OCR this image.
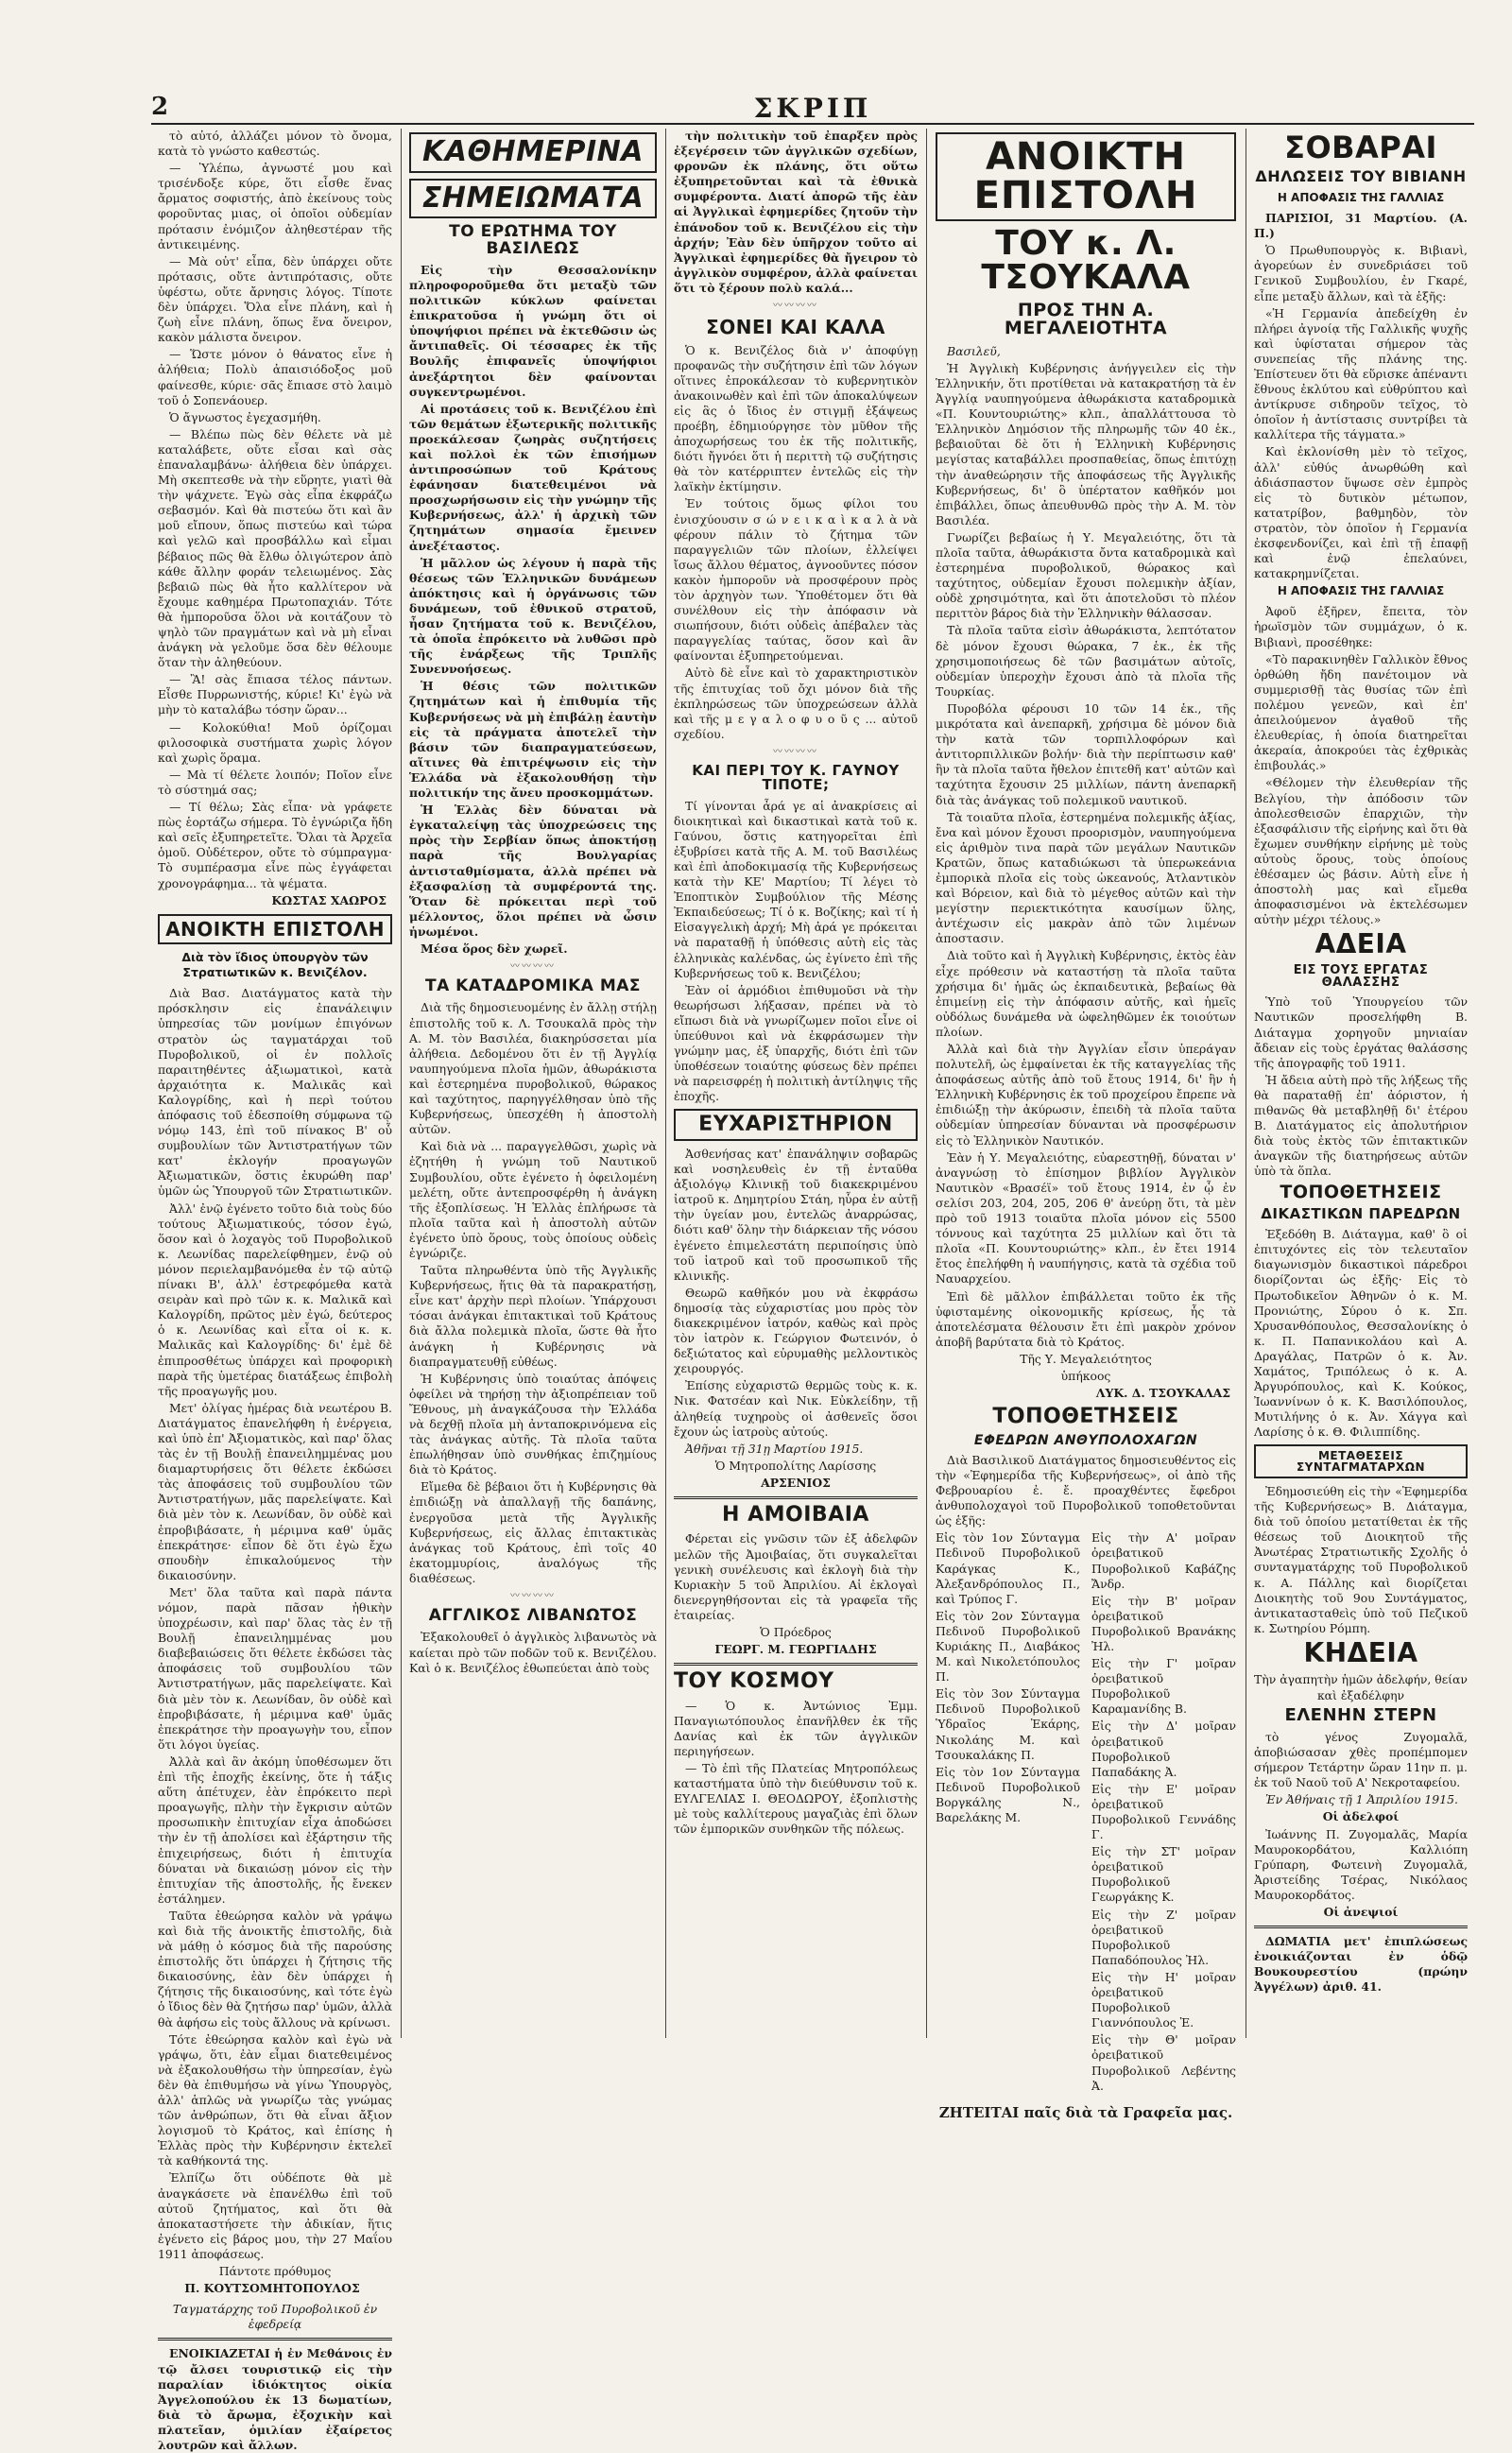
2	ΣΚΡΙΠ

τὸ αὐτό, ἀλλάζει μόνον τὸ ὄνομα, κατὰ τὸ γνώστο καθεστώς.

— Ὑλέπω, ἀγνωστέ μου καὶ τρισένδοξε κύρε, ὅτι εἶσθε ἕνας ἄρματος σοφιστής, ἀπὸ ἐκείνους τοὺς φοροῦντας μιας, οἱ ὁποῖοι οὐδεμίαν πρότασιν ἐνόμιζον ἀληθεστέραν τῆς ἀντικειμένης.

— Μὰ οὐτ' εἶπα, δὲν ὑπάρχει οὔτε πρότασις, οὔτε ἀντιπρότασις, οὔτε ὑφέστω, οὔτε ἄρνησις λόγος. Τίποτε δὲν ὑπάρχει. Ὅλα εἶνε πλάνη, καὶ ἡ ζωὴ εἶνε πλάνη, ὅπως ἕνα ὄνειρον, κακὸν μάλιστα ὄνειρον.

— Ὥστε μόνον ὁ θάνατος εἶνε ἡ ἀλήθεια; Πολὺ ἀπαισιόδοξος μοῦ φαίνεσθε, κύριε· σᾶς ἔπιασε στὸ λαιμὸ τοῦ ὁ Σοπενάουερ.

Ὁ ἄγνωστος ἐγεχασμήθη.

— Βλέπω πὼς δὲν θέλετε νὰ μὲ καταλάβετε, οὔτε εἶσαι καὶ σὰς ἐπαναλαμβάνω· ἀλήθεια δὲν ὑπάρχει. Μὴ σκεπτεσθε νὰ τὴν εὕρητε, γιατὶ θὰ τὴν ψάχνετε. Ἐγὼ σὰς εἶπα ἐκφράζω σεβασμόν. Καὶ θὰ πιστεύω ὅτι καὶ ἂν μοῦ εἴπουν, ὅπως πιστεύω καὶ τώρα καὶ γελῶ καὶ προσβάλλω καὶ εἶμαι βέβαιος πῶς θὰ ἔλθω ὀλιγώτερον ἀπὸ κάθε ἄλλην φοράν τελειωμένος. Σὰς βεβαιῶ πὼς θὰ ἦτο καλλίτερον νὰ ἔχουμε καθημέρα Πρωτοπαχιάν. Τότε θὰ ἠμποροῦσα ὅλοι νὰ κοιτάζουν τὸ ψηλὸ τῶν πραγμάτων καὶ νὰ μὴ εἶναι ἀνάγκη νὰ γελοῦμε ὅσα δὲν θέλουμε ὅταν τὴν ἀληθεύουν.

— Ἂ! σὰς ἔπιασα τέλος πάντων. Εἶσθε Πυρρωνιστής, κύριε! Κι' ἐγὼ νὰ μὴν τὸ καταλάβω τόσην ὥραν...

— Κολοκύθια! Μοῦ ὁρίζομαι φιλοσοφικὰ συστήματα χωρὶς λόγον καὶ χωρὶς ὅραμα.

— Μὰ τί θέλετε λοιπόν; Ποῖον εἶνε τὸ σύστημά σας;

— Τί θέλω; Σὰς εἶπα· νὰ γράφετε πὼς ἑορτάζω σήμερα. Τὸ ἐγνώριζα ἤδη καὶ σεῖς ἐξυπηρετεῖτε. Ὅλαι τὰ Ἀρχεῖα ὁμοῦ. Οὐδέτερον, οὔτε τὸ σύμπραγμα· Τὸ συμπέρασμα εἶνε πὼς ἐγγάφεται χρονογράφημα... τὰ ψέματα.

ΚΩΣΤΑΣ ΧΑΩΡΟΣ
ΑΝΟΙΚΤΗ ΕΠΙΣΤΟΛΗ
Διὰ τὸν ἴδιος ὑπουργὸν τῶν Στρατιωτικῶν κ. Βενιζέλον.

Διὰ Βασ. Διατάγματος κατὰ τὴν πρόσκλησιν εἰς ἐπανάλειψιν ὑπηρεσίας τῶν μονίμων ἐπιγόνων στρατὸν ὡς ταγματάρχαι τοῦ Πυροβολικοῦ, οἱ ἐν πολλοῖς παραιτηθέντες ἀξιωματικοὶ, κατὰ ἀρχαιότητα κ. Μαλικᾶς καὶ Καλογρίδης, καὶ ἡ περὶ τούτου ἀπόφασις τοῦ ἐδεσποίθη σύμφωνα τῷ νόμῳ 143, ἐπὶ τοῦ πίνακος Β' οὗ συμβουλίων τῶν Ἀντιστρατήγων τῶν κατ' ἐκλογήν προαγωγῶν Ἀξιωματικῶν, ὅστις ἐκυρώθη παρ' ὑμῶν ὡς Ὑπουργοῦ τῶν Στρατιωτικῶν.

Ἀλλ' ἐνῷ ἐγένετο τοῦτο διὰ τοὺς δύο τούτους Ἀξιωματικούς, τόσον ἐγώ, ὅσον καὶ ὁ λοχαγὸς τοῦ Πυροβολικοῦ κ. Λεωνίδας παρελείφθημεν, ἐνῷ οὐ μόνον περιελαμβανόμεθα ἐν τῷ αὐτῷ πίνακι Β', ἀλλ' ἐστρεφόμεθα κατὰ σειρὰν καὶ πρὸ τῶν κ. κ. Μαλικᾶ καὶ Καλογρίδη, πρῶτος μὲν ἐγώ, δεύτερος ὁ κ. Λεωνίδας καὶ εἶτα οἱ κ. κ. Μαλικᾶς καὶ Καλογρίδης· δι' ἐμὲ δὲ ἐπιπροσθέτως ὑπάρχει καὶ προφορικὴ παρὰ τῆς ὑμετέρας διατάξεως ἐπιβολὴ τῆς προαγωγῆς μου.

Μετ' ὀλίγας ἡμέρας διὰ νεωτέρου Β. Διατάγματος ἐπανελήφθη ἡ ἐνέργεια, καὶ ὑπὸ ἐπ' Ἀξιοματικὸς, καὶ παρ' ὅλας τὰς ἐν τῇ Βουλῇ ἐπανειλημμένας μου διαμαρτυρήσεις ὅτι θέλετε ἐκδώσει τὰς ἀποφάσεις τοῦ συμβουλίου τῶν Ἀντιστρατήγων, μᾶς παρελείψατε. Καὶ διὰ μὲν τὸν κ. Λεωνίδαν, ὃν οὐδὲ καὶ ἐπροβιβάσατε, ἡ μέριμνα καθ' ὑμᾶς ἐπεκράτησε· εἶπον δὲ ὅτι ἐγὼ ἔχω σπουδὴν ἐπικαλούμενος τὴν δικαιοσύνην.

Μετ' ὅλα ταῦτα καὶ παρὰ πάντα νόμον, παρὰ πᾶσαν ἠθικὴν ὑποχρέωσιν, καὶ παρ' ὅλας τὰς ἐν τῇ Βουλῇ ἐπανειλημμένας μου διαβεβαιώσεις ὅτι θέλετε ἐκδώσει τὰς ἀποφάσεις τοῦ συμβουλίου τῶν Ἀντιστρατήγων, μᾶς παρελείψατε. Καὶ διὰ μὲν τὸν κ. Λεωνίδαν, ὃν οὐδὲ καὶ ἐπροβιβάσατε, ἡ μέριμνα καθ' ὑμᾶς ἐπεκράτησε τὴν προαγωγὴν του, εἶπον ὅτι λόγοι ὑγείας.

Ἀλλὰ καὶ ἂν ἀκόμη ὑποθέσωμεν ὅτι ἐπὶ τῆς ἐποχῆς ἐκείνης, ὅτε ἡ τάξις αὕτη ἀπέτυχεν, ἐὰν ἐπρόκειτο περὶ προαγωγῆς, πλὴν τὴν ἔγκρισιν αὐτῶν προσωπικὴν ἐπιτυχίαν εἶχα ἀποδώσει τὴν ἐν τῇ ἀπολίσει καὶ ἐξάρτησιν τῆς ἐπιχειρήσεως, διότι ἡ ἐπιτυχία δύναται νὰ δικαιώσῃ μόνον εἰς τὴν ἐπιτυχίαν τῆς ἀποστολῆς, ἧς ἔνεκεν ἐστάλημεν.

Ταῦτα ἐθεώρησα καλὸν νὰ γράψω καὶ διὰ τῆς ἀνοικτῆς ἐπιστολῆς, διὰ νὰ μάθῃ ὁ κόσμος διὰ τῆς παρούσης ἐπιστολῆς ὅτι ὑπάρχει ἡ ζήτησις τῆς δικαιοσύνης, ἐὰν δὲν ὑπάρχει ἡ ζήτησις τῆς δικαιοσύνης, καὶ τότε ἐγὼ ὁ ἴδιος δὲν θὰ ζητήσω παρ' ὑμῶν, ἀλλὰ θὰ ἀφήσω εἰς τοὺς ἄλλους νὰ κρίνωσι.

Τότε ἐθεώρησα καλὸν καὶ ἐγὼ νὰ γράψω, ὅτι, ἐὰν εἶμαι διατεθειμένος νὰ ἐξακολουθήσω τὴν ὑπηρεσίαν, ἐγὼ δὲν θὰ ἐπιθυμήσω νὰ γίνω Ὑπουργὸς, ἀλλ' ἁπλῶς νὰ γνωρίζω τὰς γνώμας τῶν ἀνθρώπων, ὅτι θὰ εἶναι ἄξιον λογισμοῦ τὸ Κράτος, καὶ ἐπίσης ἡ Ἑλλὰς πρὸς τὴν Κυβέρνησιν ἐκτελεῖ τὰ καθήκοντά της.

Ἐλπίζω ὅτι οὐδέποτε θὰ μὲ ἀναγκάσετε νὰ ἐπανέλθω ἐπὶ τοῦ αὐτοῦ ζητήματος, καὶ ὅτι θὰ ἀποκαταστήσετε τὴν ἀδικίαν, ἥτις ἐγένετο εἰς βάρος μου, τὴν 27 Μαΐου 1911 ἀποφάσεως.

Πάντοτε πρόθυμος

Π. ΚΟΥΤΣΟΜΗΤΟΠΟΥΛΟΣ

Ταγματάρχης τοῦ Πυροβολικοῦ ἐν ἐφεδρείᾳ

ΕΝΟΙΚΙΑΖΕΤΑΙ ἡ ἐν Μεθάνοις ἐν τῷ ἄλσει τουριστικῷ εἰς τὴν παραλίαν ἰδιόκτητος οἰκία Ἀγγελοπούλου ἐκ 13 δωματίων, διὰ τὸ ἄρωμα, ἐξοχικὴν καὶ πλατεῖαν, ὁμιλίαν ἐξαίρετος λουτρῶν καὶ ἄλλων.

ΚΑΘΗΜΕΡΙΝΑ
ΣΗΜΕΙΩΜΑΤΑ
ΤΟ ΕΡΩΤΗΜΑ ΤΟΥ ΒΑΣΙΛΕΩΣ

Εἰς τὴν Θεσσαλονίκην πληροφοροῦμεθα ὅτι μεταξὺ τῶν πολιτικῶν κύκλων φαίνεται ἐπικρατοῦσα ἡ γνώμη ὅτι οἱ ὑποψήφιοι πρέπει νὰ ἐκτεθῶσιν ὡς ἄντιπαθεῖς. Οἱ τέσσαρες ἐκ τῆς Βουλῆς ἐπιφανεῖς ὑποψήφιοι ἀνεξάρτητοι δὲν φαίνονται συγκεντρωμένοι.

Αἱ προτάσεις τοῦ κ. Βενιζέλου ἐπὶ τῶν θεμάτων ἐξωτερικῆς πολιτικῆς προεκάλεσαν ζωηρὰς συζητήσεις καὶ πολλοὶ ἐκ τῶν ἐπισήμων ἀντιπροσώπων τοῦ Κράτους ἐφάνησαν διατεθειμένοι νὰ προσχωρήσωσιν εἰς τὴν γνώμην τῆς Κυβερνήσεως, ἀλλ' ἡ ἀρχικὴ τῶν ζητημάτων σημασία ἔμεινεν ἀνεξέταστος.

Ἡ μᾶλλον ὡς λέγουν ἡ παρὰ τῆς θέσεως τῶν Ἑλληνικῶν δυνάμεων ἀπόκτησις καὶ ἡ ὀργάνωσις τῶν δυνάμεων, τοῦ ἐθνικοῦ στρατοῦ, ἦσαν ζητήματα τοῦ κ. Βενιζέλου, τὰ ὁποῖα ἐπρόκειτο νὰ λυθῶσι πρὸ τῆς ἐνάρξεως τῆς Τριπλῆς Συνεννοήσεως.

Ἡ θέσις τῶν πολιτικῶν ζητημάτων καὶ ἡ ἐπιθυμία τῆς Κυβερνήσεως νὰ μὴ ἐπιβάλῃ ἑαυτὴν εἰς τὰ πράγματα ἀποτελεῖ τὴν βάσιν τῶν διαπραγματεύσεων, αἵτινες θὰ ἐπιτρέψωσιν εἰς τὴν Ἑλλάδα νὰ ἐξακολουθήσῃ τὴν πολιτικήν της ἄνευ προσκομμάτων.

Ἡ Ἑλλὰς δὲν δύναται νὰ ἐγκαταλείψῃ τὰς ὑποχρεώσεις της πρὸς τὴν Σερβίαν ὅπως ἀποκτήσῃ παρὰ τῆς Βουλγαρίας ἀντισταθμίσματα, ἀλλὰ πρέπει νὰ ἐξασφαλίσῃ τὰ συμφέροντά της. Ὅταν δὲ πρόκειται περὶ τοῦ μέλλοντος, ὅλοι πρέπει νὰ ὦσιν ἡνωμένοι.

Μέσα ὅρος δὲν χωρεῖ.

〰〰〰〰
ΤΑ ΚΑΤΑΔΡΟΜΙΚΑ ΜΑΣ

Διὰ τῆς δημοσιευομένης ἐν ἄλλῃ στήλῃ ἐπιστολῆς τοῦ κ. Λ. Τσουκαλᾶ πρὸς τὴν Α. Μ. τὸν Βασιλέα, διακηρύσσεται μία ἀλήθεια. Δεδομένου ὅτι ἐν τῇ Ἀγγλίᾳ ναυπηγούμενα πλοῖα ἡμῶν, ἀθωράκιστα καὶ ἐστερημένα πυροβολικοῦ, θώρακος καὶ ταχύτητος, παρηγγέλθησαν ὑπὸ τῆς Κυβερνήσεως, ὑπεσχέθη ἡ ἀποστολὴ αὐτῶν.

Καὶ διὰ νὰ ... παραγγελθῶσι, χωρὶς νὰ ἐζητήθη ἡ γνώμη τοῦ Ναυτικοῦ Συμβουλίου, οὔτε ἐγένετο ἡ ὀφειλομένη μελέτη, οὔτε ἀντεπροσφέρθη ἡ ἀνάγκη τῆς ἐξοπλίσεως. Ἡ Ἑλλὰς ἐπλήρωσε τὰ πλοῖα ταῦτα καὶ ἡ ἀποστολὴ αὐτῶν ἐγένετο ὑπὸ ὅρους, τοὺς ὁποίους οὐδεὶς ἐγνώριζε.

Ταῦτα πληρωθέντα ὑπὸ τῆς Ἀγγλικῆς Κυβερνήσεως, ἥτις θὰ τὰ παρακρατήσῃ, εἶνε κατ' ἀρχὴν περὶ πλοίων. Ὑπάρχουσι τόσαι ἀνάγκαι ἐπιτακτικαὶ τοῦ Κράτους διὰ ἄλλα πολεμικὰ πλοῖα, ὥστε θὰ ἦτο ἀνάγκη ἡ Κυβέρνησις νὰ διαπραγματευθῇ εὐθέως.

Ἡ Κυβέρνησις ὑπὸ τοιαύτας ἀπόψεις ὀφείλει νὰ τηρήσῃ τὴν ἀξιοπρέπειαν τοῦ Ἔθνους, μὴ ἀναγκάζουσα τὴν Ἑλλάδα νὰ δεχθῇ πλοῖα μὴ ἀνταποκρινόμενα εἰς τὰς ἀνάγκας αὐτῆς. Τὰ πλοῖα ταῦτα ἐπωλήθησαν ὑπὸ συνθήκας ἐπιζημίους διὰ τὸ Κράτος.

Εἴμεθα δὲ βέβαιοι ὅτι ἡ Κυβέρνησις θὰ ἐπιδιώξῃ νὰ ἀπαλλαγῇ τῆς δαπάνης, ἐνεργοῦσα μετὰ τῆς Ἀγγλικῆς Κυβερνήσεως, εἰς ἄλλας ἐπιτακτικὰς ἀνάγκας τοῦ Κράτους, ἐπὶ τοῖς 40 ἑκατομμυρίοις, ἀναλόγως τῆς διαθέσεως.

〰〰〰〰
ΑΓΓΛΙΚΟΣ ΛΙΒΑΝΩΤΟΣ

Ἐξακολουθεῖ ὁ ἀγγλικὸς λιβανωτὸς νὰ καίεται πρὸ τῶν ποδῶν τοῦ κ. Βενιζέλου. Καὶ ὁ κ. Βενιζέλος ἐθωπεύεται ἀπὸ τοὺς

τὴν πολιτικὴν τοῦ ἐπαρξεν πρὸς ἐξεγέρσειν τῶν ἀγγλικῶν σχεδίων, φρονῶν ἐκ πλάνης, ὅτι οὕτω ἐξυπηρετοῦνται καὶ τὰ ἐθνικὰ συμφέροντα. Διατί ἀπορῶ τῆς ἐὰν αἱ Ἀγγλικαὶ ἐφημερίδες ζητοῦν τὴν ἐπάνοδον τοῦ κ. Βενιζέλου εἰς τὴν ἀρχήν; Ἐὰν δὲν ὑπῆρχον τοῦτο αἱ Ἀγγλικαὶ ἐφημερίδες θὰ ἤγειρον τὸ ἀγγλικὸν συμφέρον, ἀλλὰ φαίνεται ὅτι τὸ ξέρουν πολὺ καλά...

〰〰〰〰
ΣΟΝΕΙ ΚΑΙ ΚΑΛΑ

Ὁ κ. Βενιζέλος διὰ ν' ἀποφύγῃ προφανῶς τὴν συζήτησιν ἐπὶ τῶν λόγων οἵτινες ἐπροκάλεσαν τὸ κυβερνητικὸν ἀνακοινωθὲν καὶ ἐπὶ τῶν ἀποκαλύψεων εἰς ἃς ὁ ἴδιος ἐν στιγμῇ ἐξάψεως προέβη, ἐδημιούργησε τὸν μῦθον τῆς ἀποχωρήσεως του ἐκ τῆς πολιτικῆς, διότι ἤγνόει ὅτι ἡ περιττὴ τῷ συζήτησις θὰ τὸν κατέρριπτεν ἐντελῶς εἰς τὴν λαϊκὴν ἐκτίμησιν.

Ἐν τούτοις ὅμως φίλοι του ἐνισχύουσιν σ ώ ν ε ι κ α ὶ κ α λ ὰ νὰ φέρουν πάλιν τὸ ζήτημα τῶν παραγγελιῶν τῶν πλοίων, ἐλλείψει ἴσως ἄλλου θέματος, ἀγνοοῦντες πόσον κακὸν ἠμποροῦν νὰ προσφέρουν πρὸς τὸν ἀρχηγὸν των. Ὑποθέτομεν ὅτι θὰ συνέλθουν εἰς τὴν ἀπόφασιν νὰ σιωπήσουν, διότι οὐδεὶς ἀπέβαλεν τὰς παραγγελίας ταύτας, ὅσον καὶ ἂν φαίνονται ἐξυπηρετούμεναι.

Αὐτὸ δὲ εἶνε καὶ τὸ χαρακτηριστικὸν τῆς ἐπιτυχίας τοῦ ὄχι μόνον διὰ τῆς ἐκπληρώσεως τῶν ὑποχρεώσεων ἀλλὰ καὶ τῆς μ ε γ α λ ο φ υ ο ῦ ς ... αὐτοῦ σχεδίου.

〰〰〰〰
ΚΑΙ ΠΕΡΙ ΤΟΥ Κ. ΓΑΥΝΟΥ ΤΙΠΟΤΕ;

Τί γίνονται ἆρά γε αἱ ἀνακρίσεις αἱ διοικητικαὶ καὶ δικαστικαὶ κατὰ τοῦ κ. Γαύνου, ὅστις κατηγορεῖται ἐπὶ ἐξυβρίσει κατὰ τῆς Α. Μ. τοῦ Βασιλέως καὶ ἐπὶ ἀποδοκιμασίᾳ τῆς Κυβερνήσεως κατὰ τὴν ΚΕ' Μαρτίου; Τί λέγει τὸ Ἐποπτικὸν Συμβούλιον τῆς Μέσης Ἐκπαιδεύσεως; Τί ὁ κ. Βοζίκης; καὶ τί ἡ Εἰσαγγελικὴ ἀρχή; Μὴ ἀρά γε πρόκειται νὰ παραταθῇ ἡ ὑπόθεσις αὐτὴ εἰς τὰς ἑλληνικὰς καλένδας, ὡς ἐγίνετο ἐπὶ τῆς Κυβερνήσεως τοῦ κ. Βενιζέλου;

Ἐὰν οἱ ἁρμόδιοι ἐπιθυμοῦσι νὰ τὴν θεωρήσωσι λήξασαν, πρέπει νὰ τὸ εἴπωσι διὰ νὰ γνωρίζωμεν ποῖοι εἶνε οἱ ὑπεύθυνοι καὶ νὰ ἐκφράσωμεν τὴν γνώμην μας, ἐξ ὑπαρχῆς, διότι ἐπὶ τῶν ὑποθέσεων τοιαύτης φύσεως δὲν πρέπει νὰ παρεισφρέῃ ἡ πολιτικὴ ἀντίληψις τῆς ἐποχῆς.

ΕΥΧΑΡΙΣΤΗΡΙΟΝ

Ἀσθενήσας κατ' ἐπανάληψιν σοβαρῶς καὶ νοσηλευθεὶς ἐν τῇ ἐνταῦθα ἀξιολόγῳ Κλινικῇ τοῦ διακεκριμένου ἰατροῦ κ. Δημητρίου Στάη, ηὗρα ἐν αὐτῇ τὴν ὑγείαν μου, ἐντελῶς ἀναρρώσας, διότι καθ' ὅλην τὴν διάρκειαν τῆς νόσου ἐγένετο ἐπιμελεστάτη περιποίησις ὑπὸ τοῦ ἰατροῦ καὶ τοῦ προσωπικοῦ τῆς κλινικῆς.

Θεωρῶ καθῆκόν μου νὰ ἐκφράσω δημοσίᾳ τὰς εὐχαριστίας μου πρὸς τὸν διακεκριμένον ἰατρόν, καθὼς καὶ πρὸς τὸν ἰατρὸν κ. Γεώργιον Φωτεινόν, ὁ δεξιώτατος καὶ εὐρυμαθὴς μελλοντικὸς χειρουργός.

Ἐπίσης εὐχαριστῶ θερμῶς τοὺς κ. κ. Νικ. Φατσέαν καὶ Νικ. Εὐκλείδην, τῇ ἀληθείᾳ τυχηροὺς οἱ ἀσθενεῖς ὅσοι ἔχουν ὡς ἰατροὺς αὐτούς.

Ἀθῆναι τῇ 31ῃ Μαρτίου 1915.

Ὁ Μητροπολίτης Λαρίσσης

ΑΡΣΕΝΙΟΣ

Η ΑΜΟΙΒΑΙΑ

Φέρεται εἰς γνῶσιν τῶν ἐξ ἀδελφῶν μελῶν τῆς Ἀμοιβαίας, ὅτι συγκαλεῖται γενικὴ συνέλευσις καὶ ἐκλογὴ διὰ τὴν Κυριακὴν 5 τοῦ Ἀπριλίου. Αἱ ἐκλογαὶ διενεργηθήσονται εἰς τὰ γραφεῖα τῆς ἑταιρείας.

Ὁ Πρόεδρος

ΓΕΩΡΓ. Μ. ΓΕΩΡΓΙΑΔΗΣ

ΤΟΥ ΚΟΣΜΟΥ

— Ὁ κ. Ἀντώνιος Ἐμμ. Παναγιωτόπουλος ἐπανῆλθεν ἐκ τῆς Δανίας καὶ ἐκ τῶν ἀγγλικῶν περιηγήσεων.

— Τὸ ἐπὶ τῆς Πλατείας Μητροπόλεως καταστήματα ὑπὸ τὴν διεύθυνσιν τοῦ κ. ΕΥΛΓΕΛΙΑΣ Ι. ΘΕΟΔΩΡΟΥ, ἐξοπλιστὴς μὲ τοὺς καλλίτερους μαγαζιὰς ἐπὶ ὅλων τῶν ἐμπορικῶν συνθηκῶν τῆς πόλεως.

ΑΝΟΙΚΤΗ ΕΠΙΣΤΟΛΗ
ΤΟΥ κ. Λ. ΤΣΟΥΚΑΛΑ
ΠΡΟΣ ΤΗΝ Α. ΜΕΓΑΛΕΙΟΤΗΤΑ

Βασιλεῦ,

Ἡ Ἀγγλικὴ Κυβέρνησις ἀνήγγειλεν εἰς τὴν Ἑλληνικήν, ὅτι προτίθεται νὰ κατακρατήσῃ τὰ ἐν Ἀγγλίᾳ ναυπηγούμενα ἀθωράκιστα καταδρομικὰ «Π. Κουντουριώτης» κλπ., ἀπαλλάττουσα τὸ Ἑλληνικὸν Δημόσιον τῆς πληρωμῆς τῶν 40 ἑκ., βεβαιοῦται δὲ ὅτι ἡ Ἑλληνικὴ Κυβέρνησις μεγίστας καταβάλλει προσπαθείας, ὅπως ἐπιτύχῃ τὴν ἀναθεώρησιν τῆς ἀποφάσεως τῆς Ἀγγλικῆς Κυβερνήσεως, δι' ὃ ὑπέρτατον καθῆκόν μοι ἐπιβάλλει, ὅπως ἀπευθυνθῶ πρὸς τὴν Α. Μ. τὸν Βασιλέα.

Γνωρίζει βεβαίως ἡ Υ. Μεγαλειότης, ὅτι τὰ πλοῖα ταῦτα, ἀθωράκιστα ὄντα καταδρομικὰ καὶ ἐστερημένα πυροβολικοῦ, θώρακος καὶ ταχύτητος, οὐδεμίαν ἔχουσι πολεμικὴν ἀξίαν, οὐδὲ χρησιμότητα, καὶ ὅτι ἀποτελοῦσι τὸ πλέον περιττὸν βάρος διὰ τὴν Ἑλληνικὴν θάλασσαν.

Τὰ πλοῖα ταῦτα εἰσὶν ἀθωράκιστα, λεπτότατον δὲ μόνον ἔχουσι θώρακα, 7 ἑκ., ἐκ τῆς χρησιμοποιήσεως δὲ τῶν βασιμάτων αὐτοῖς, οὐδεμίαν ὑπεροχὴν ἔχουσι ἀπὸ τὰ πλοῖα τῆς Τουρκίας.

Πυροβόλα φέρουσι 10 τῶν 14 ἑκ., τῆς μικρότατα καὶ ἀνεπαρκῆ, χρήσιμα δὲ μόνον διὰ τὴν κατὰ τῶν τορπιλλοφόρων καὶ ἀντιτορπιλλικῶν βολήν· διὰ τὴν περίπτωσιν καθ' ἣν τὰ πλοῖα ταῦτα ἤθελον ἐπιτεθῆ κατ' αὐτῶν καὶ ταχύτητα ἔχουσιν 25 μιλλίων, πάντη ἀνεπαρκῆ διὰ τὰς ἀνάγκας τοῦ πολεμικοῦ ναυτικοῦ.

Τὰ τοιαῦτα πλοῖα, ἐστερημένα πολεμικῆς ἀξίας, ἔνα καὶ μόνον ἔχουσι προορισμὸν, ναυπηγούμενα εἰς ἀριθμὸν τινα παρὰ τῶν μεγάλων Ναυτικῶν Κρατῶν, ὅπως καταδιώκωσι τὰ ὑπερωκεάνια ἐμπορικὰ πλοῖα εἰς τοὺς ὠκεανούς, Ἀτλαντικὸν καὶ Βόρειον, καὶ διὰ τὸ μέγεθος αὐτῶν καὶ τὴν μεγίστην περιεκτικότητα καυσίμων ὕλης, ἀντέχωσιν εἰς μακρὰν ἀπὸ τῶν λιμένων ἀποστασιν.

Διὰ τοῦτο καὶ ἡ Ἀγγλικὴ Κυβέρνησις, ἐκτὸς ἐὰν εἶχε πρόθεσιν νὰ καταστήσῃ τὰ πλοῖα ταῦτα χρήσιμα δι' ἡμᾶς ὡς ἐκπαιδευτικὰ, βεβαίως θὰ ἐπιμείνῃ εἰς τὴν ἀπόφασιν αὐτῆς, καὶ ἡμεῖς οὐδόλως δυνάμεθα νὰ ὠφεληθῶμεν ἐκ τοιούτων πλοίων.

Ἀλλὰ καὶ διὰ τὴν Ἀγγλίαν εἶσιν ὑπεράγαν πολυτελῆ, ὡς ἐμφαίνεται ἐκ τῆς καταγγελίας τῆς ἀποφάσεως αὐτῆς ἀπὸ τοῦ ἔτους 1914, δι' ἣν ἡ Ἑλληνικὴ Κυβέρνησις ἐκ τοῦ προχείρου ἔπρεπε νὰ ἐπιδιώξῃ τὴν ἀκύρωσιν, ἐπειδὴ τὰ πλοῖα ταῦτα οὐδεμίαν ὑπηρεσίαν δύνανται νὰ προσφέρωσιν εἰς τὸ Ἑλληνικὸν Ναυτικόν.

Ἐὰν ἡ Υ. Μεγαλειότης, εὐαρεστηθῇ, δύναται ν' ἀναγνώσῃ τὸ ἐπίσημον βιβλίον Ἀγγλικὸν Ναυτικὸν «Βρασέϊ» τοῦ ἔτους 1914, ἐν ᾧ ἐν σελίσι 203, 204, 205, 206 θ' ἀνεύρῃ ὅτι, τὰ μὲν πρὸ τοῦ 1913 τοιαῦτα πλοῖα μόνον εἰς 5500 τόννους καὶ ταχύτητα 25 μιλλίων καὶ ὅτι τὰ πλοῖα «Π. Κουντουριώτης» κλπ., ἐν ἔτει 1914 ἔτος ἐπελήφθη ἡ ναυπήγησις, κατὰ τὰ σχέδια τοῦ Ναυαρχείου.

Ἐπὶ δὲ μᾶλλον ἐπιβάλλεται τοῦτο ἐκ τῆς ὑφισταμένης οἰκονομικῆς κρίσεως, ἧς τὰ ἀποτελέσματα θέλουσιν ἔτι ἐπὶ μακρὸν χρόνον ἀποβῆ βαρύτατα διὰ τὸ Κράτος.

Τῆς Υ. Μεγαλειότητος

ὑπήκοος

ΛΥΚ. Δ. ΤΣΟΥΚΑΛΑΣ
ΤΟΠΟΘΕΤΗΣΕΙΣ
ΕΦΕΔΡΩΝ ΑΝΘΥΠΟΛΟΧΑΓΩΝ

Διὰ Βασιλικοῦ Διατάγματος δημοσιευθέντος εἰς τὴν «Ἐφημερίδα τῆς Κυβερνήσεως», οἱ ἀπὸ τῆς Φεβρουαρίου ἐ. ἔ. προαχθέντες ἔφεδροι ἀνθυπολοχαγοὶ τοῦ Πυροβολικοῦ τοποθετοῦνται ὡς ἑξῆς:

Εἰς τὸν 1ον Σύνταγμα Πεδινοῦ Πυροβολικοῦ Καράγκας Κ., Ἀλεξανδρόπουλος Π., καὶ Τρύπος Γ.

Εἰς τὸν 2ον Σύνταγμα Πεδινοῦ Πυροβολικοῦ Κυριάκης Π., Διαβάκος Μ. καὶ Νικολετόπουλος Π.

Εἰς τὸν 3ον Σύνταγμα Πεδινοῦ Πυροβολικοῦ Ὑδραῖος Ἐκάρης, Νικολάης Μ. καὶ Τσουκαλάκης Π.

Εἰς τὸν 1ον Σύνταγμα Πεδινοῦ Πυροβολικοῦ Βοργκάλης Ν., Βαρελάκης Μ.

Εἰς τὴν Α' μοῖραν ὀρειβατικοῦ Πυροβολικοῦ Καβάζης Ἄνδρ.

Εἰς τὴν Β' μοῖραν ὀρειβατικοῦ Πυροβολικοῦ Βρανάκης Ἠλ.

Εἰς τὴν Γ' μοῖραν ὀρειβατικοῦ Πυροβολικοῦ Καραμανίδης Β.

Εἰς τὴν Δ' μοῖραν ὀρειβατικοῦ Πυροβολικοῦ Παπαδάκης Ἀ.

Εἰς τὴν Ε' μοῖραν ὀρειβατικοῦ Πυροβολικοῦ Γεννάδης Γ.

Εἰς τὴν ΣΤ' μοῖραν ὀρειβατικοῦ Πυροβολικοῦ Γεωργάκης Κ.

Εἰς τὴν Ζ' μοῖραν ὀρειβατικοῦ Πυροβολικοῦ Παπαδόπουλος Ἠλ.

Εἰς τὴν Η' μοῖραν ὀρειβατικοῦ Πυροβολικοῦ Γιαννόπουλος Ἐ.

Εἰς τὴν Θ' μοῖραν ὀρειβατικοῦ Πυροβολικοῦ Λεβέντης Ἀ.

ΖΗΤΕΙΤΑΙ παῖς διὰ τὰ Γραφεῖα μας.
ΣΟΒΑΡΑΙ
ΔΗΛΩΣΕΙΣ ΤΟΥ ΒΙΒΙΑΝΗ
Η ΑΠΟΦΑΣΙΣ ΤΗΣ ΓΑΛΛΙΑΣ

ΠΑΡΙΣΙΟΙ, 31 Μαρτίου. (Α. Π.)

Ὁ Πρωθυπουργὸς κ. Βιβιανὶ, ἀγορεύων ἐν συνεδριάσει τοῦ Γενικοῦ Συμβουλίου, ἐν Γκαρέ, εἶπε μεταξὺ ἄλλων, καὶ τὰ ἑξῆς:

«Ἡ Γερμανία ἀπεδείχθη ἐν πλήρει ἀγνοίᾳ τῆς Γαλλικῆς ψυχῆς καὶ ὑφίσταται σήμερον τὰς συνεπείας τῆς πλάνης της. Ἐπίστευεν ὅτι θὰ εὕρισκε ἀπέναντι ἔθνους ἐκλύτου καὶ εὐθρύπτου καὶ ἀντίκρυσε σιδηροῦν τεῖχος, τὸ ὁποῖον ἡ ἀντίστασις συντρίβει τὰ καλλίτερα τῆς τάγματα.»

Καὶ ἐκλονίσθη μὲν τὸ τεῖχος, ἀλλ' εὐθύς ἀνωρθώθη καὶ ἀδιάσπαστον ὕψωσε σὲν ἐμπρὸς εἰς τὸ δυτικὸν μέτωπον, κατατρίβον, βαθμηδὸν, τὸν στρατὸν, τὸν ὁποῖον ἡ Γερμανία ἐκσφενδονίζει, καὶ ἐπὶ τῇ ἐπαφῇ καὶ ἐνῷ ἐπελαύνει, κατακρημνίζεται.

Η ΑΠΟΦΑΣΙΣ ΤΗΣ ΓΑΛΛΙΑΣ

Ἀφοῦ ἐξῆρεν, ἔπειτα, τὸν ἡρωϊσμὸν τῶν συμμάχων, ὁ κ. Βιβιανὶ, προσέθηκε:

«Τὸ παρακινηθὲν Γαλλικὸν ἔθνος ὀρθώθη ἤδη πανέτοιμον νὰ συμμερισθῇ τὰς θυσίας τῶν ἐπὶ πολέμου γενεῶν, καὶ ἐπ' ἀπειλούμενον ἀγαθοῦ τῆς ἐλευθερίας, ἡ ὁποία διατηρεῖται ἀκεραία, ἀποκρούει τὰς ἐχθρικὰς ἐπιβουλάς.»

«Θέλομεν τὴν ἐλευθερίαν τῆς Βελγίου, τὴν ἀπόδοσιν τῶν ἀπολεσθεισῶν ἐπαρχιῶν, τὴν ἐξασφάλισιν τῆς εἰρήνης καὶ ὅτι θὰ ἔχωμεν συνθήκην εἰρήνης μὲ τοὺς αὐτοὺς ὅρους, τοὺς ὁποίους ἐθέσαμεν ὡς βάσιν. Αὐτὴ εἶνε ἡ ἀποστολὴ μας καὶ εἴμεθα ἀποφασισμένοι νὰ ἐκτελέσωμεν αὐτὴν μέχρι τέλους.»

ΑΔΕΙΑ
ΕΙΣ ΤΟΥΣ ΕΡΓΑΤΑΣ ΘΑΛΑΣΣΗΣ

Ὑπὸ τοῦ Ὑπουργείου τῶν Ναυτικῶν προσελήφθη Β. Διάταγμα χορηγοῦν μηνιαίαν ἄδειαν εἰς τοὺς ἐργάτας θαλάσσης τῆς ἀπογραφῆς τοῦ 1911.

Ἡ ἄδεια αὐτὴ πρὸ τῆς λήξεως τῆς θὰ παραταθῇ ἐπ' ἀόριστον, ἡ πιθανῶς θὰ μεταβληθῇ δι' ἑτέρου Β. Διατάγματος εἰς ἀπολυτήριον διὰ τοὺς ἐκτὸς τῶν ἐπιτακτικῶν ἀναγκῶν τῆς διατηρήσεως αὐτῶν ὑπὸ τὰ ὅπλα.

ΤΟΠΟΘΕΤΗΣΕΙΣ
ΔΙΚΑΣΤΙΚΩΝ ΠΑΡΕΔΡΩΝ

Ἐξεδόθη Β. Διάταγμα, καθ' ὃ οἱ ἐπιτυχόντες εἰς τὸν τελευταῖον διαγωνισμὸν δικαστικοὶ πάρεδροι διορίζονται ὡς ἑξῆς· Εἰς τὸ Πρωτοδικεῖον Ἀθηνῶν ὁ κ. Μ. Προνιώτης, Σύρου ὁ κ. Σπ. Χρυσανθόπουλος, Θεσσαλονίκης ὁ κ. Π. Παπανικολάου καὶ Α. Δραγάλας, Πατρῶν ὁ κ. Ἀν. Χαμάτος, Τριπόλεως ὁ κ. Α. Ἀργυρόπουλος, καὶ Κ. Κούκος, Ἰωαννίνων ὁ κ. Κ. Βασιλόπουλος, Μυτιλήνης ὁ κ. Ἀν. Χάγγα καὶ Λαρίσης ὁ κ. Θ. Φιλιππίδης.

ΜΕΤΑΘΕΣΕΙΣ ΣΥΝΤΑΓΜΑΤΑΡΧΩΝ

Ἐδημοσιεύθη εἰς τὴν «Ἐφημερίδα τῆς Κυβερνήσεως» Β. Διάταγμα, διὰ τοῦ ὁποίου μετατίθεται ἐκ τῆς θέσεως τοῦ Διοικητοῦ τῆς Ἀνωτέρας Στρατιωτικῆς Σχολῆς ὁ συνταγματάρχης τοῦ Πυροβολικοῦ κ. Α. Πάλλης καὶ διορίζεται Διοικητὴς τοῦ 9ου Συντάγματος, ἀντικατασταθεὶς ὑπὸ τοῦ Πεζικοῦ κ. Σωτηρίου Ρόμπη.

ΚΗΔΕΙΑ

Τὴν ἀγαπητὴν ἡμῶν ἀδελφήν, θείαν καὶ ἐξαδέλφην

ΕΛΕΝΗΝ ΣΤΕΡΝ

τὸ γένος Ζυγομαλᾶ, ἀποβιώσασαν χθὲς προπέμπομεν σήμερον Τετάρτην ὥραν 11ην π. μ. ἐκ τοῦ Ναοῦ τοῦ Α' Νεκροταφείου.

Ἐν Ἀθήναις τῇ 1 Ἀπριλίου 1915.

Οἱ ἀδελφοί

Ἰωάννης Π. Ζυγομαλᾶς, Μαρία Μαυροκορδάτου, Καλλιόπη Γρύπαρη, Φωτεινὴ Ζυγομαλᾶ, Ἀριστείδης Τσέρας, Νικόλαος Μαυροκορδάτος.

Οἱ ἀνεψιοί

ΔΩΜΑΤΙΑ μετ' ἐπιπλώσεως ἐνοικιάζονται ἐν ὁδῷ Βουκουρεστίου (πρώην Ἀγγέλων) ἀριθ. 41.
